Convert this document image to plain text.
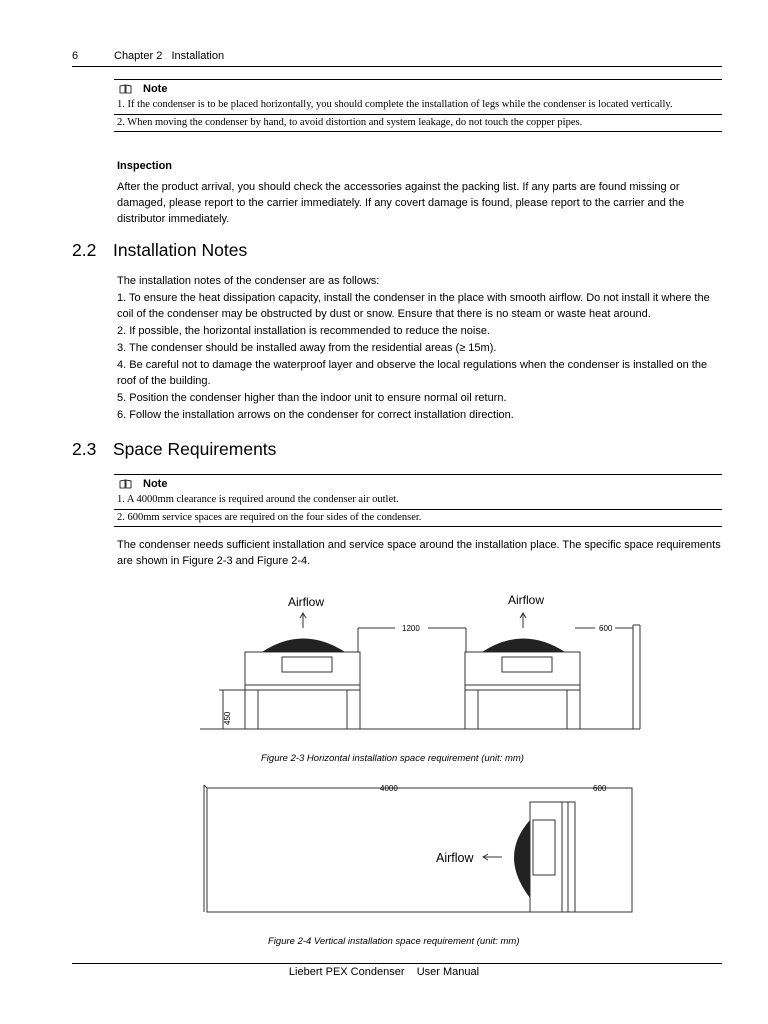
6	Chapter 2   Installation
Note
1. If the condenser is to be placed horizontally, you should complete the installation of legs while the condenser is located vertically.
2. When moving the condenser by hand, to avoid distortion and system leakage, do not touch the copper pipes.
Inspection
After the product arrival, you should check the accessories against the packing list. If any parts are found missing or damaged, please report to the carrier immediately. If any covert damage is found, please report to the carrier and the distributor immediately.
2.2 Installation Notes
The installation notes of the condenser are as follows:
1. To ensure the heat dissipation capacity, install the condenser in the place with smooth airflow. Do not install it where the coil of the condenser may be obstructed by dust or snow. Ensure that there is no steam or waste heat around.
2. If possible, the horizontal installation is recommended to reduce the noise.
3. The condenser should be installed away from the residential areas (≥ 15m).
4. Be careful not to damage the waterproof layer and observe the local regulations when the condenser is installed on the roof of the building.
5. Position the condenser higher than the indoor unit to ensure normal oil return.
6. Follow the installation arrows on the condenser for correct installation direction.
2.3 Space Requirements
Note
1. A 4000mm clearance is required around the condenser air outlet.
2. 600mm service spaces are required on the four sides of the condenser.
The condenser needs sufficient installation and service space around the installation place. The specific space requirements are shown in Figure 2-3 and Figure 2-4.
Airflow	Airflow
1200	600
450
Figure 2-3 Horizontal installation space requirement (unit: mm)
Airflow
4000	600
Figure 2-4 Vertical installation space requirement (unit: mm)
Liebert PEX Condenser    User Manual
